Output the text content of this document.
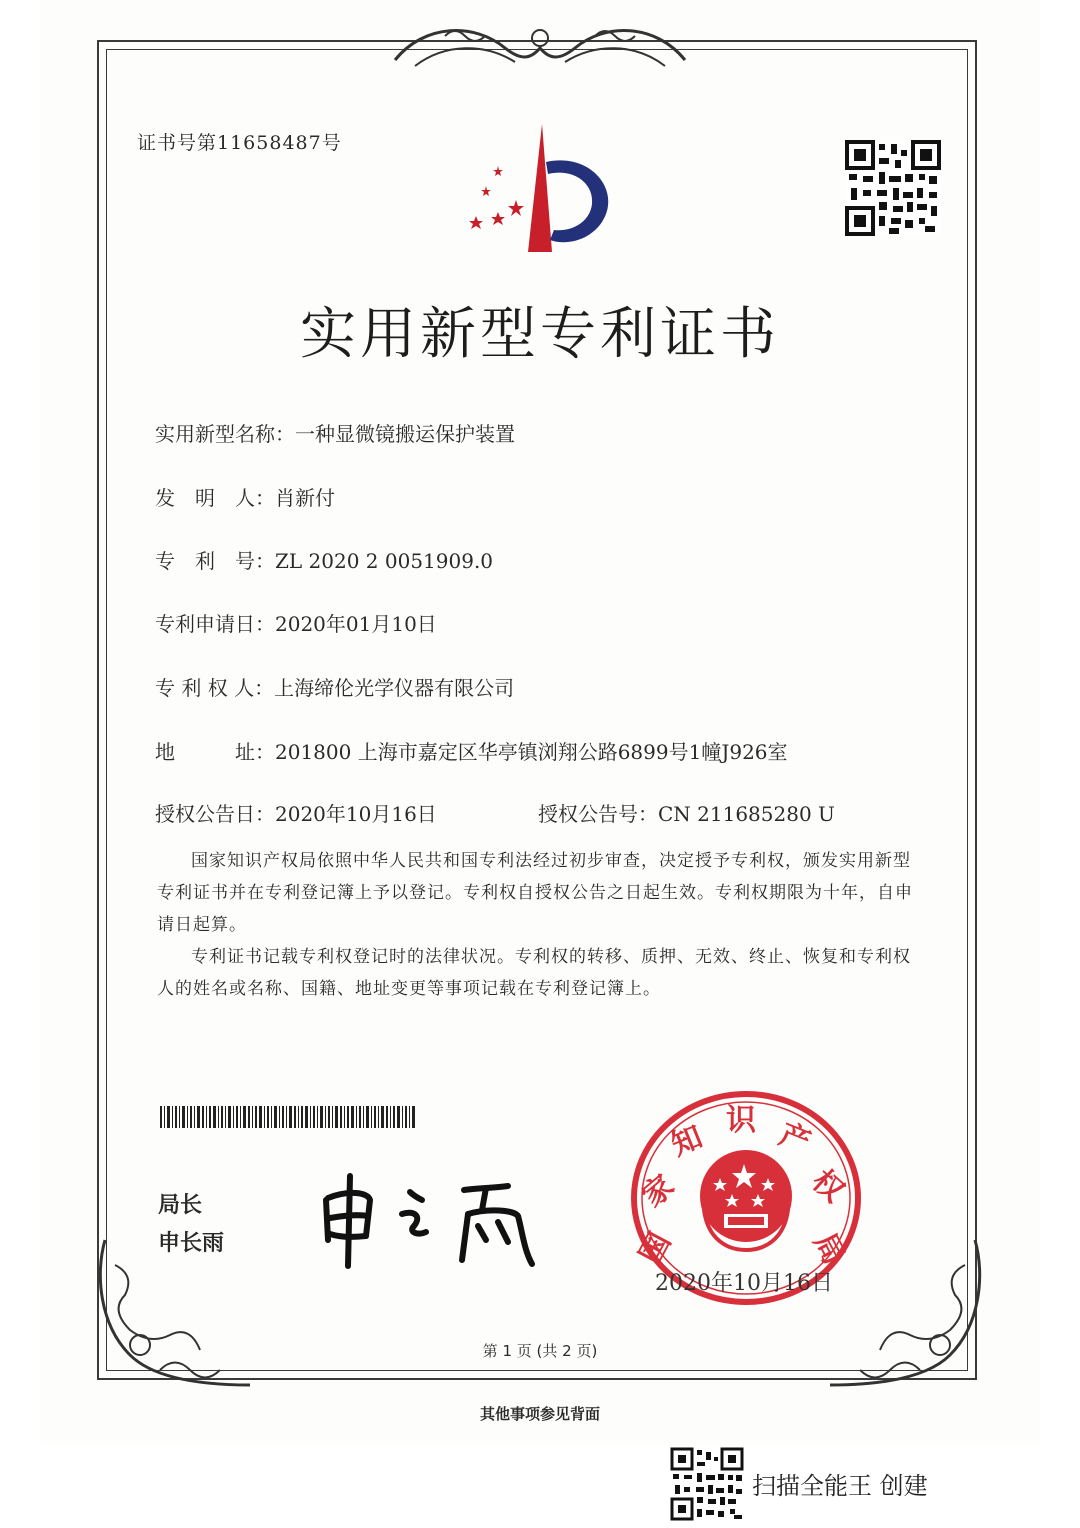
证书号第11658487号
实用新型专利证书
实用新型名称：一种显微镜搬运保护装置
发　明　人：肖新付
专　利　号：ZL 2020 2 0051909.0
专利申请日：2020年01月10日
专 利 权 人：上海缔伦光学仪器有限公司
地　　　址：201800 上海市嘉定区华亭镇浏翔公路6899号1幢J926室
授权公告日：2020年10月16日	授权公告号：CN 211685280 U
国家知识产权局依照中华人民共和国专利法经过初步审查，决定授予专利权，颁发实用新型专利证书并在专利登记簿上予以登记。专利权自授权公告之日起生效。专利权期限为十年，自申请日起算。
专利证书记载专利权登记时的法律状况。专利权的转移、质押、无效、终止、恢复和专利权人的姓名或名称、国籍、地址变更等事项记载在专利登记簿上。
局长
申长雨	国
家
知 识 产
权
局
2020年10月16日
第 1 页 (共 2 页)
其他事项参见背面
扫描全能王 创建
